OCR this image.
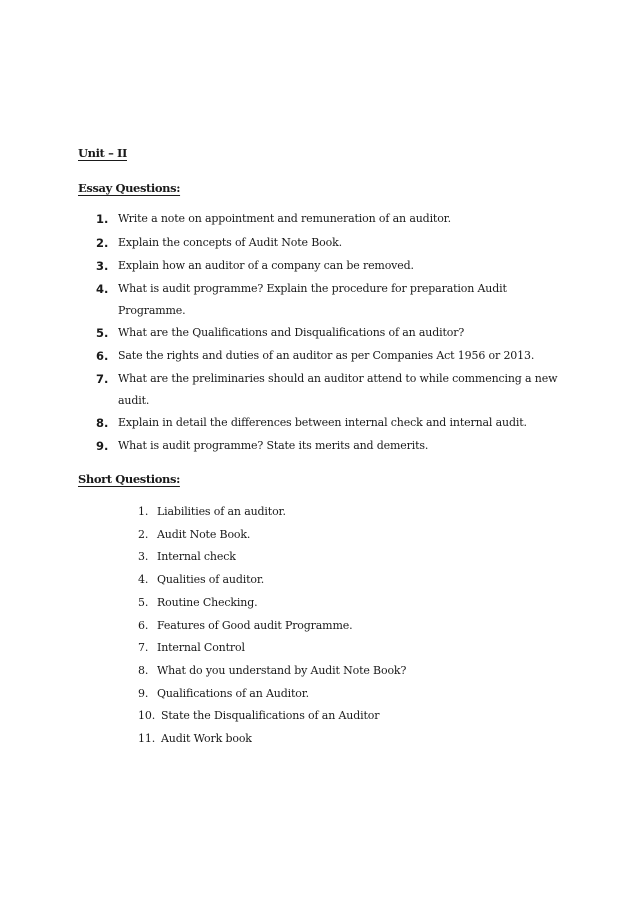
Unit – II
Essay Questions:
1. Write a note on appointment and remuneration of an auditor.
2. Explain the concepts of Audit Note Book.
3. Explain how an auditor of a company can be removed.
4. What is audit programme? Explain the procedure for preparation Audit
Programme.
5. What are the Qualifications and Disqualifications of an auditor?
6. Sate the rights and duties of an auditor as per Companies Act 1956 or 2013.
7. What are the preliminaries should an auditor attend to while commencing a new
audit.
8. Explain in detail the differences between internal check and internal audit.
9. What is audit programme? State its merits and demerits.
Short Questions:
1. Liabilities of an auditor.
2. Audit Note Book.
3. Internal check
4. Qualities of auditor.
5. Routine Checking.
6. Features of Good audit Programme.
7. Internal Control
8. What do you understand by Audit Note Book?
9. Qualifications of an Auditor.
10. State the Disqualifications of an Auditor
11. Audit Work book
